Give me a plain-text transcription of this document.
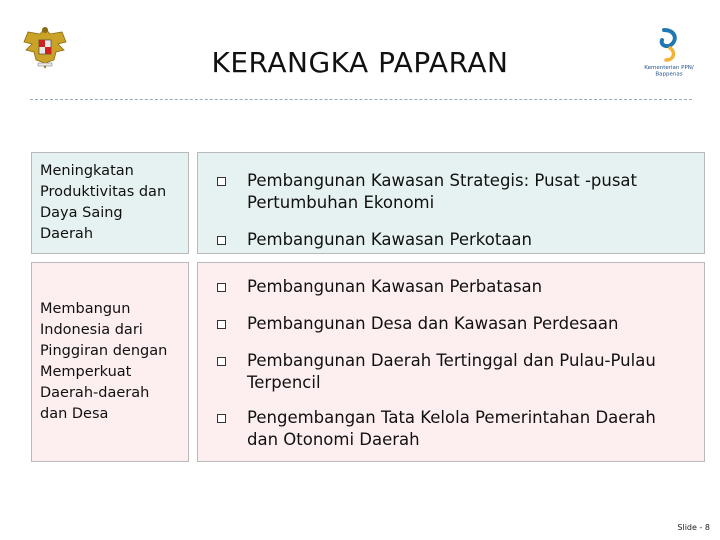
Kementerian PPN/
Bappenas
KERANGKA PAPARAN
Meningkatan Produktivitas dan Daya Saing Daerah
Membangun Indonesia dari Pinggiran dengan Memperkuat Daerah-daerah dan Desa
Pembangunan Kawasan Strategis: Pusat -pusat Pertumbuhan Ekonomi
Pembangunan Kawasan Perkotaan
Pembangunan Kawasan Perbatasan
Pembangunan Desa dan Kawasan Perdesaan
Pembangunan Daerah Tertinggal dan Pulau-Pulau Terpencil
Pengembangan Tata Kelola Pemerintahan Daerah dan Otonomi Daerah
Slide - 8
